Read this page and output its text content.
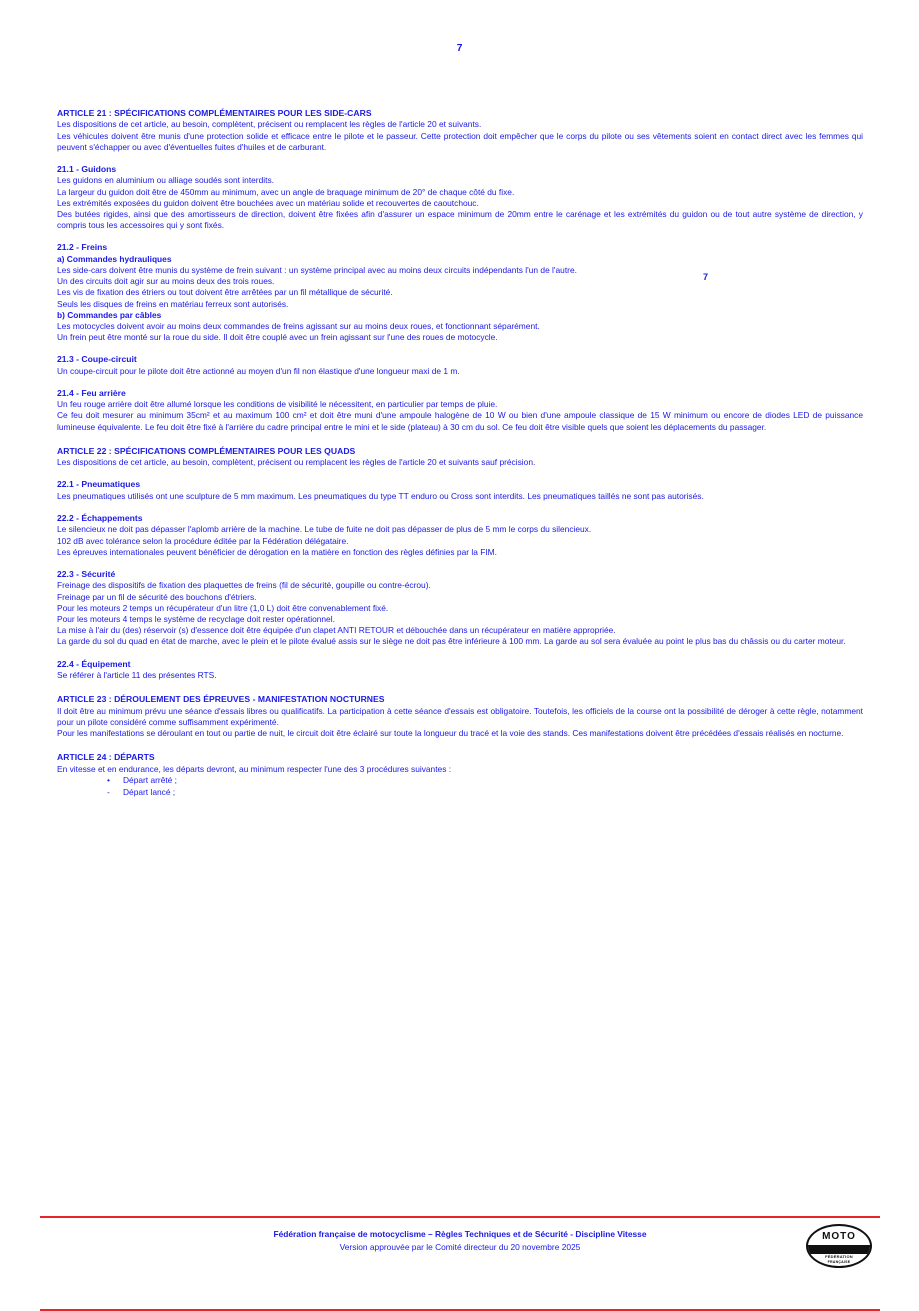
7
7
ARTICLE 21 : SPÉCIFICATIONS COMPLÉMENTAIRES POUR LES SIDE-CARS
Les dispositions de cet article, au besoin, complètent, précisent ou remplacent les règles de l'article 20 et suivants.
Les véhicules doivent être munis d'une protection solide et efficace entre le pilote et le passeur. Cette protection doit empêcher que le corps du pilote ou ses vêtements soient en contact direct avec les femmes qui peuvent s'échapper ou avec d'éventuelles fuites d'huiles et de carburant.
21.1 - Guidons
Les guidons en aluminium ou alliage soudés sont interdits.
La largeur du guidon doit être de 450mm au minimum, avec un angle de braquage minimum de 20° de chaque côté du fixe.
Les extrémités exposées du guidon doivent être bouchées avec un matériau solide et recouvertes de caoutchouc.
Des butées rigides, ainsi que des amortisseurs de direction, doivent être fixées afin d'assurer un espace minimum de 20mm entre le carénage et les extrémités du guidon ou de tout autre système de direction, y compris tous les accessoires qui y sont fixés.
21.2 - Freins
a) Commandes hydrauliques
Les side-cars doivent être munis du système de frein suivant : un système principal avec au moins deux circuits indépendants l'un de l'autre.
Un des circuits doit agir sur au moins deux des trois roues.
Les vis de fixation des étriers ou tout doivent être arrêtées par un fil métallique de sécurité.
Seuls les disques de freins en matériau ferreux sont autorisés.
b) Commandes par câbles
Les motocycles doivent avoir au moins deux commandes de freins agissant sur au moins deux roues, et fonctionnant séparément.
Un frein peut être monté sur la roue du side. Il doit être couplé avec un frein agissant sur l'une des roues de motocycle.
21.3 - Coupe-circuit
Un coupe-circuit pour le pilote doit être actionné au moyen d'un fil non élastique d'une longueur maxi de 1 m.
21.4 - Feu arrière
Un feu rouge arrière doit être allumé lorsque les conditions de visibilité le nécessitent, en particulier par temps de pluie.
Ce feu doit mesurer au minimum 35cm² et au maximum 100 cm² et doit être muni d'une ampoule halogène de 10 W ou bien d'une ampoule classique de 15 W minimum ou encore de diodes LED de puissance lumineuse équivalente. Le feu doit être fixé à l'arrière du cadre principal entre le mini et le side (plateau) à 30 cm du sol. Ce feu doit être visible quels que soient les déplacements du passager.
ARTICLE 22 : SPÉCIFICATIONS COMPLÉMENTAIRES POUR LES QUADS
Les dispositions de cet article, au besoin, complètent, précisent ou remplacent les règles de l'article 20 et suivants sauf précision.
22.1 - Pneumatiques
Les pneumatiques utilisés ont une sculpture de 5 mm maximum. Les pneumatiques du type TT enduro ou Cross sont interdits. Les pneumatiques taillés ne sont pas autorisés.
22.2 - Échappements
Le silencieux ne doit pas dépasser l'aplomb arrière de la machine. Le tube de fuite ne doit pas dépasser de plus de 5 mm le corps du silencieux.
102 dB avec tolérance selon la procédure éditée par la Fédération délégataire.
Les épreuves internationales peuvent bénéficier de dérogation en la matière en fonction des règles définies par la FIM.
22.3 - Sécurité
Freinage des dispositifs de fixation des plaquettes de freins (fil de sécurité, goupille ou contre-écrou).
Freinage par un fil de sécurité des bouchons d'étriers.
Pour les moteurs 2 temps un récupérateur d'un litre (1,0 L) doit être convenablement fixé.
Pour les moteurs 4 temps le système de recyclage doit rester opérationnel.
La mise à l'air du (des) réservoir (s) d'essence doit être équipée d'un clapet ANTI RETOUR et débouchée dans un récupérateur en matière appropriée.
La garde du sol du quad en état de marche, avec le plein et le pilote évalué assis sur le siège ne doit pas être inférieure à 100 mm. La garde au sol sera évaluée au point le plus bas du châssis ou du carter moteur.
22.4 - Équipement
Se référer à l'article 11 des présentes RTS.
ARTICLE 23 : DÉROULEMENT DES ÉPREUVES - MANIFESTATION NOCTURNES
Il doit être au minimum prévu une séance d'essais libres ou qualificatifs. La participation à cette séance d'essais est obligatoire. Toutefois, les officiels de la course ont la possibilité de déroger à cette règle, notamment pour un pilote considéré comme suffisamment expérimenté.
Pour les manifestations se déroulant en tout ou partie de nuit, le circuit doit être éclairé sur toute la longueur du tracé et la voie des stands. Ces manifestations doivent être précédées d'essais réalisés en nocturne.
ARTICLE 24 : DÉPARTS
En vitesse et en endurance, les départs devront, au minimum respecter l'une des 3 procédures suivantes :
• Départ arrêté ;
- Départ lancé ;
Fédération française de motocyclisme – Règles Techniques et de Sécurité - Discipline Vitesse
Version approuvée par le Comité directeur du 20 novembre 2025
MOTO
FÉDÉRATION
FRANÇAISE
